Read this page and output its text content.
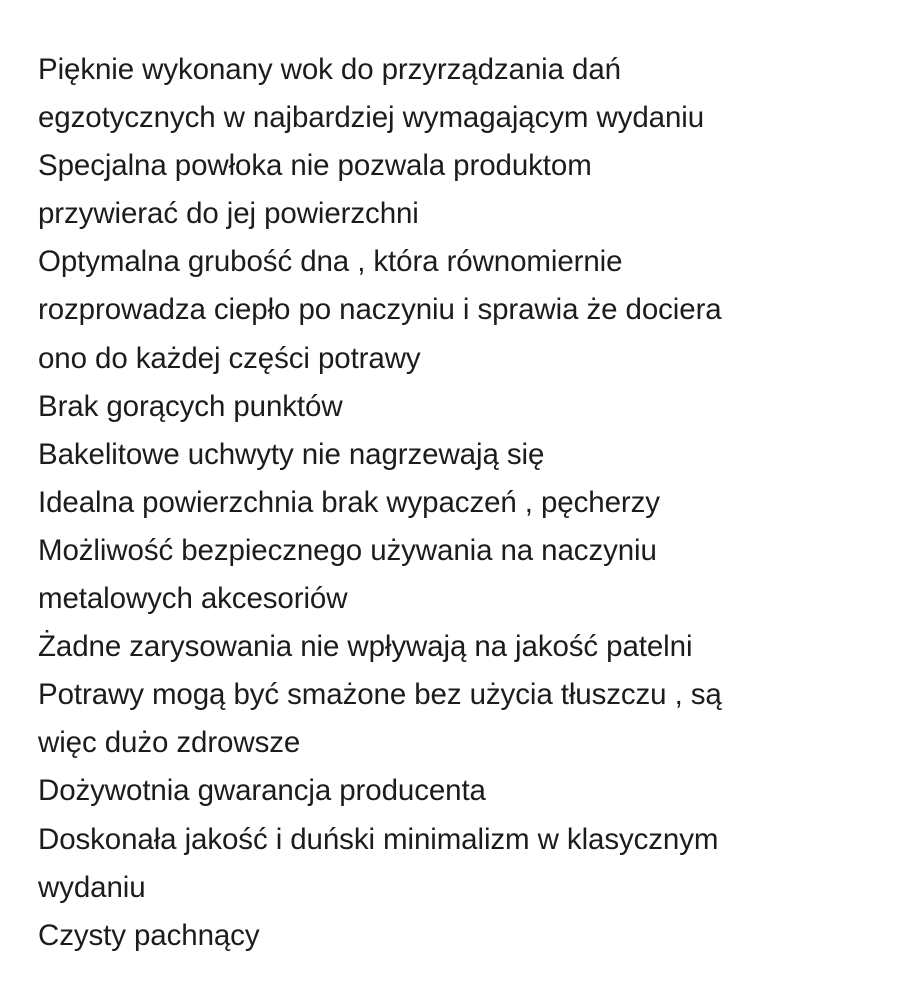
Pięknie wykonany wok do przyrządzania dań
egzotycznych w najbardziej wymagającym wydaniu
Specjalna powłoka nie pozwala produktom
przywierać do jej powierzchni
Optymalna grubość dna , która równomiernie
rozprowadza ciepło po naczyniu i sprawia że dociera
ono do każdej części potrawy
Brak gorących punktów
Bakelitowe uchwyty nie nagrzewają się
Idealna powierzchnia brak wypaczeń , pęcherzy
Możliwość bezpiecznego używania na naczyniu
metalowych akcesoriów
Żadne zarysowania nie wpływają na jakość patelni
Potrawy mogą być smażone bez użycia tłuszczu , są
więc dużo zdrowsze
Dożywotnia gwarancja producenta
Doskonała jakość i duński minimalizm w klasycznym
wydaniu
Czysty pachnący
